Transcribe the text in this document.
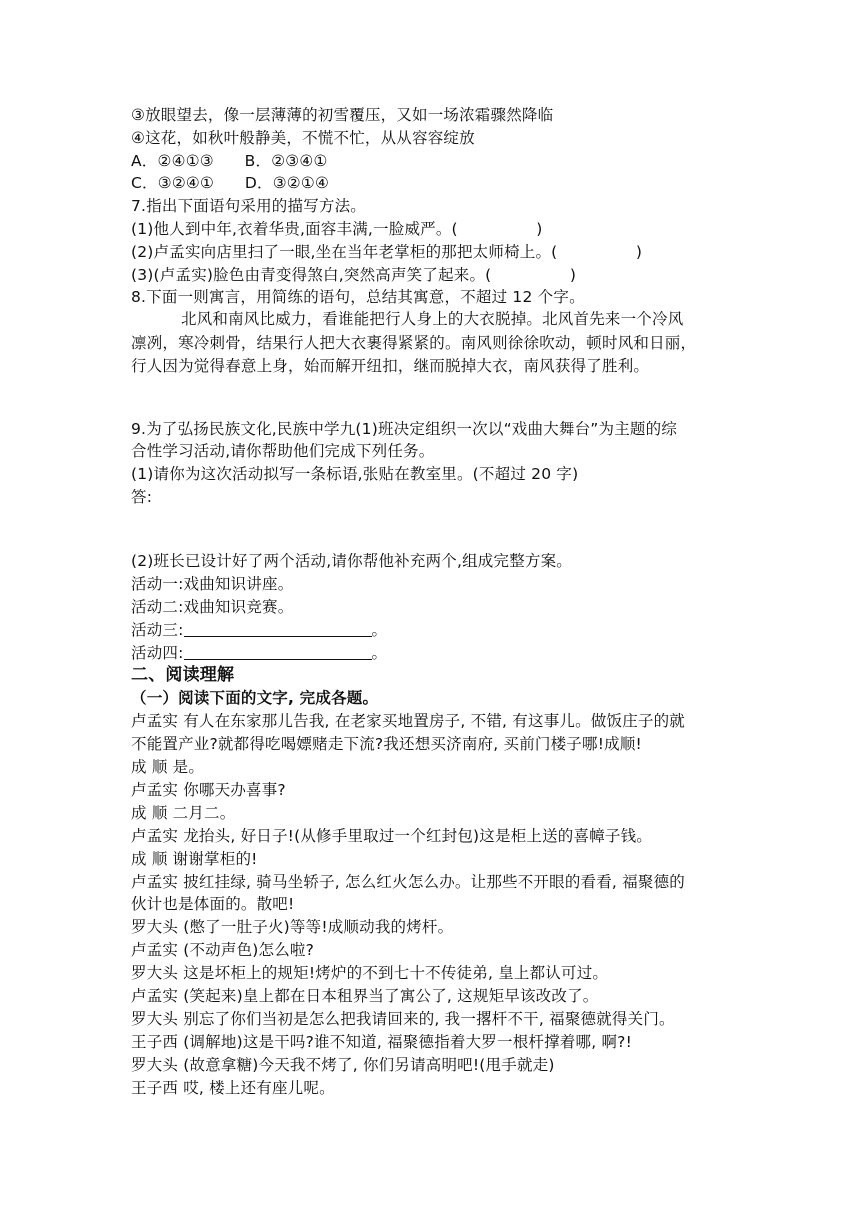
③放眼望去，像一层薄薄的初雪覆压，又如一场浓霜骤然降临
④这花，如秋叶般静美，不慌不忙，从从容容绽放
A．②④①③ B．②③④①
C．③②④① D．③②①④
7.指出下面语句采用的描写方法。
(1)他人到中年,衣着华贵,面容丰满,一脸威严。(　　　　　)
(2)卢孟实向店里扫了一眼,坐在当年老掌柜的那把太师椅上。(　　　　　)
(3)(卢孟实)脸色由青变得煞白,突然高声笑了起来。(　　　　　)
8.下面一则寓言，用简练的语句，总结其寓意，不超过 12 个字。
北风和南风比威力，看谁能把行人身上的大衣脱掉。北风首先来一个冷风
凛冽，寒冷刺骨，结果行人把大衣裹得紧紧的。南风则徐徐吹动，顿时风和日丽，
行人因为觉得春意上身，始而解开纽扣，继而脱掉大衣，南风获得了胜利。
9.为了弘扬民族文化,民族中学九(1)班决定组织一次以“戏曲大舞台”为主题的综
合性学习活动,请你帮助他们完成下列任务。
(1)请你为这次活动拟写一条标语,张贴在教室里。(不超过 20 字)
答:
(2)班长已设计好了两个活动,请你帮他补充两个,组成完整方案。
活动一:戏曲知识讲座。
活动二:戏曲知识竞赛。
活动三:	。
活动四:	。
二、阅读理解
（一）阅读下面的文字, 完成各题。
卢孟实 有人在东家那儿告我, 在老家买地置房子, 不错, 有这事儿。做饭庄子的就
不能置产业?就都得吃喝嫖赌走下流?我还想买济南府, 买前门楼子哪!成顺!
成 顺 是。
卢孟实 你哪天办喜事?
成 顺 二月二。
卢孟实 龙抬头, 好日子!(从修手里取过一个红封包)这是柜上送的喜幛子钱。
成 顺 谢谢掌柜的!
卢孟实 披红挂绿, 骑马坐轿子, 怎么红火怎么办。让那些不开眼的看看, 福聚德的
伙计也是体面的。散吧!
罗大头 (憋了一肚子火)等等!成顺动我的烤杆。
卢孟实 (不动声色)怎么啦?
罗大头 这是坏柜上的规矩!烤炉的不到七十不传徒弟, 皇上都认可过。
卢孟实 (笑起来)皇上都在日本租界当了寓公了, 这规矩早该改改了。
罗大头 别忘了你们当初是怎么把我请回来的, 我一撂杆不干, 福聚德就得关门。
王子西 (调解地)这是干吗?谁不知道, 福聚德指着大罗一根杆撑着哪, 啊?!
罗大头 (故意拿糖)今天我不烤了, 你们另请高明吧!(甩手就走)
王子西 哎, 楼上还有座儿呢。
